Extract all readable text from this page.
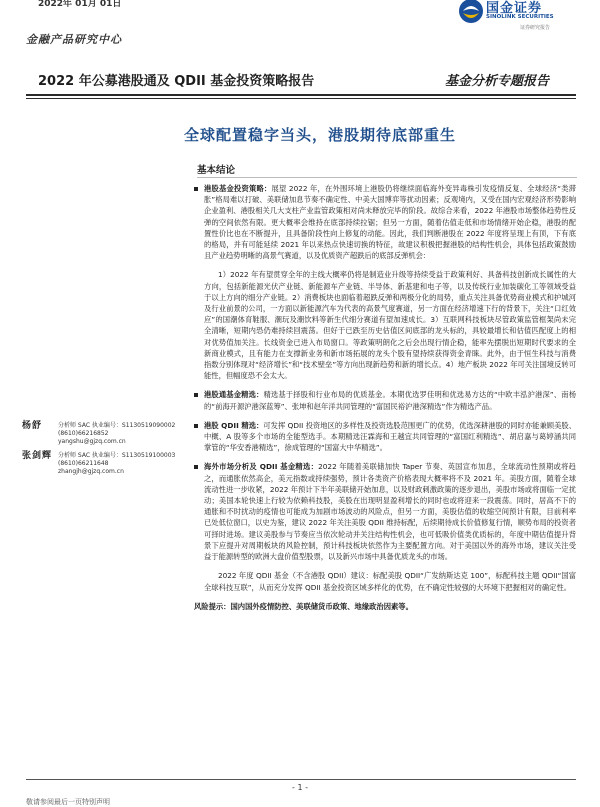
2022年 01月 01日	国金证券
SINOLINK SECURITIES
证券研究报告
金融产品研究中心
2022 年公募港股通及 QDII 基金投资策略报告	基金分析专题报告
全球配置稳字当头，港股期待底部重生
基本结论
杨舒	分析师 SAC 执业编号：S1130519090002
(8610)66216852
yangshu@gjzq.com.cn
张剑辉 分析师 SAC 执业编号：S1130519100003
(8610)66211648
zhangjh@gjzq.com.cn
港股基金投资策略：展望 2022 年，在外围环境上港股仍将继续面临海外变异毒株引发疫情反复、全球经济“类滞胀”格局难以打破、美联储加息节奏不确定性、中美大国博弈等扰动因素；反观境内，又受在国内宏观经济形势影响企业盈利、港股相关几大支柱产业监管政策相对尚未释放完毕的阶段。故综合来看，2022 年港股市场整体趋势性反弹的空间依然有限。更大概率会维持在底部持续拉锯；但另一方面，随着估值走低和市场情绪开始企稳，港股的配置性价比也在不断提升，且具备阶段性向上修复的动能。因此，我们判断港股在 2022 年度将呈现上有顶，下有底的格局，并有可能延续 2021 年以来热点快速切换的特征，故建议积极把握港股的结构性机会，具体包括政策鼓励且产业趋势明晰的高景气赛道，以及优质资产超跌后的底部反弹机会：
1）2022 年有望贯穿全年的主线大概率仍将是制造业升级等持续受益于政策利好、具备科技创新成长属性的大方向，包括新能源光伏产业链、新能源车产业链、半导体、新基建和电子等，以及传统行业加装碳化工等领域受益于以上方向的细分产业链。2）消费板块也面临着超跌反弹和两极分化的局势，重点关注具备优势商业模式和护城河及行业前景的公司，一方面以新能源汽车为代表的高景气度赛道，另一方面在经济增速下行的背景下，关注“口红效应”的国潮体育鞋服、潮玩及潮饮料等新生代细分赛道有望加速成长。3）互联网科技板块尽管政策监管框架尚未完全清晰，短期内恐仍难持续回震荡。但好于已跌至历史估值区间底部的龙头标的，具较最增长和估值匹配度上的相对优势值加关注。长线资金已进入布局窗口。等政策明朗化之后会出现行情企稳，能率先摆脱出短期时代要求的全新商业模式，且有能力在支撑新业务和新市场拓展的龙头个股有望持续获得资金青睐。此外，由于恒生科技与消费指数分别体现对“经济增长”和“技术壁垒”等方向出现新趋势和新的增长点。4）地产板块 2022 年可关注国境反转可能性，但幅度恐不会太大。
港股通基金精选：精选基于择股和行业布局的优质基金。本期优选罗佳明和优选易方达的“中欧丰泓沪港深”、南杨的“前海开源沪港深蓝筹”、张坤和赵年洋共同管理的“富国民裕沪港深精选”作为精选产品。
港股 QDII 精选：可发挥 QDII 投资地区的多样性及投资选股范围更广的优势，优选深耕港股的同时亦能兼顾美股、中概、A 股等多个市场的全能型选手。本期精选汪霖海和王越宜共同管理的“富国红利精选”、胡启嘉与葛婷涵共同掌管的“华安香港精选”，徐成管理的“国富大中华精选”。
海外市场分析及 QDII 基金精选：2022 年随着美联储加快 Taper 节奏、英国宣布加息，全球流动性预期或将趋之，而通胀依然高企，美元指数或持续强势，预计各类资产价格表现大概率将不及 2021 年。美股方面，随着全球流动性进一步收紧，2022 年预计下半年美联储开始加息，以及财政刺激政策的逐步退出，美股市场或将面临一定扰动；美国本轮快速上行较为依赖科技股，美股在出现明显盈利增长的同时也或将迎来一段震荡。同时，居高不下的通胀和不时扰动的疫情也可能成为加剧市场波动的风险点，但另一方面，美股估值的收缩空间预计有限，目前利率已处低位窗口，以史为鉴，建议 2022 年关注美股 QDII 维持标配，后续期待成长价值修复行情，顺势布局的投资者可择时进场。建议美股参与节奏应当依次轮动并关注结构性机会，也可低吸价值类优质标的，年度中期估值提升背景下应提升对周期板块的风险控制，预计科技板块依然作为主要配置方向。对于美国以外的海外市场，建议关注受益于能源转型的欧洲大盘价值型股票，以及新兴市场中具备优质龙头的市场。
2022 年度 QDII 基金（不含港股 QDII）建议：标配美股 QDII“广发纳斯达克 100”，标配科技主题 QDII“国富全球科技互联”，从而充分发挥 QDII 基金投资区域多样化的优势，在不确定性较强的大环境下把握相对的确定性。
风险提示：国内国外疫情防控、美联储货币政策、地缘政治因素等。
- 1 -
敬请参阅最后一页特别声明
